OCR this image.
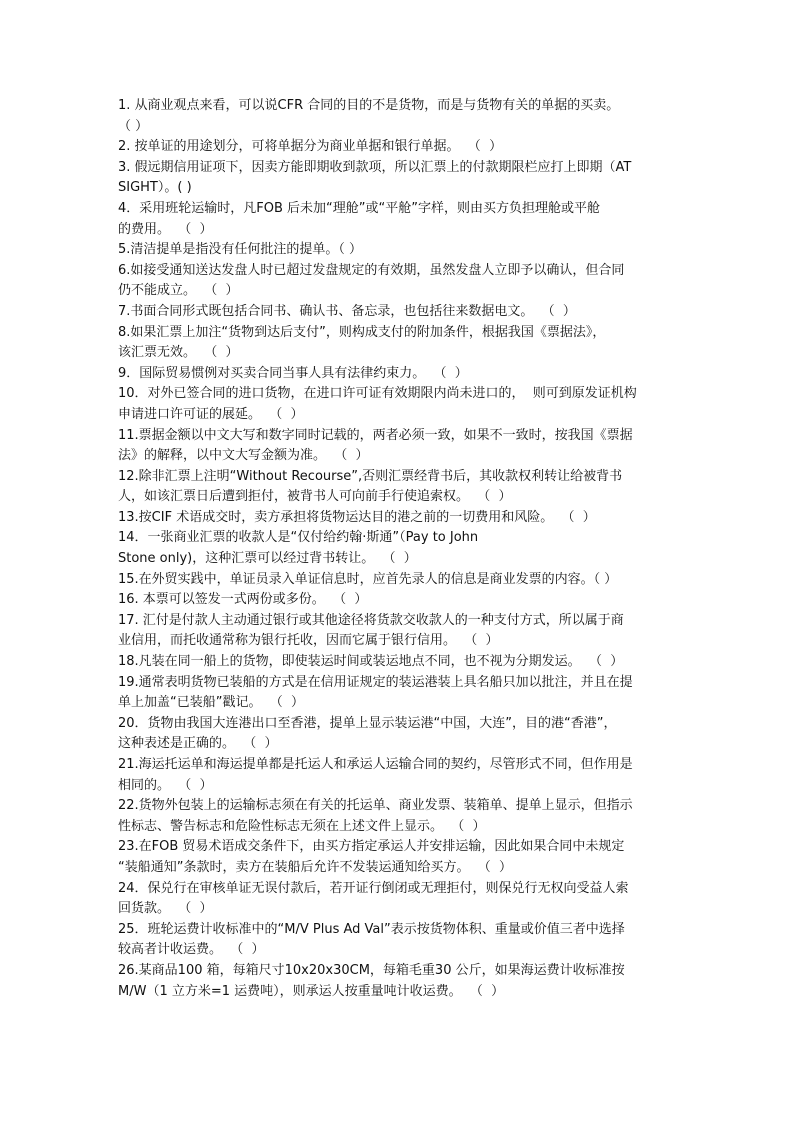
1. 从商业观点来看，可以说CFR 合同的目的不是货物，而是与货物有关的单据的买卖。
（ ）

2. 按单证的用途划分，可将单据分为商业单据和银行单据。  （  ）

3. 假远期信用证项下，因卖方能即期收到款项，所以汇票上的付款期限栏应打上即期（AT
SIGHT）。( )

4．采用班轮运输时，凡FOB 后未加“理舱”或“平舱”字样，则由买方负担理舱或平舱
的费用。  （  ）

5.清洁提单是指没有任何批注的提单。（ ）

6.如接受通知送达发盘人时已超过发盘规定的有效期，虽然发盘人立即予以确认，但合同
仍不能成立。  （  ）

7.书面合同形式既包括合同书、确认书、备忘录，也包括往来数据电文。  （  ）

8.如果汇票上加注“货物到达后支付”，则构成支付的附加条件，根据我国《票据法》，
该汇票无效。  （  ）

9．国际贸易惯例对买卖合同当事人具有法律约束力。  （  ）

10．对外已签合同的进口货物，在进口许可证有效期限内尚未进口的，  则可到原发证机构
申请进口许可证的展延。  （  ）

11.票据金额以中文大写和数字同时记载的，两者必须一致，如果不一致时，按我国《票据
法》的解释，以中文大写金额为准。  （  ）

12.除非汇票上注明“Without Recourse”,否则汇票经背书后，其收款权利转让给被背书
人，如该汇票日后遭到拒付，被背书人可向前手行使追索权。  （  ）

13.按CIF 术语成交时，卖方承担将货物运达目的港之前的一切费用和风险。  （  ）

14．一张商业汇票的收款人是“仅付给约翰·斯通”（Pay to John
Stone only)，这种汇票可以经过背书转让。  （  ）

15.在外贸实践中，单证员录入单证信息时，应首先录人的信息是商业发票的内容。（ ）

16. 本票可以签发一式两份或多份。  （  ）

17. 汇付是付款人主动通过银行或其他途径将货款交收款人的一种支付方式，所以属于商
业信用，而托收通常称为银行托收，因而它属于银行信用。  （  ）

18.凡装在同一船上的货物，即使装运时间或装运地点不同，也不视为分期发运。  （  ）

19.通常表明货物已装船的方式是在信用证规定的装运港装上具名船只加以批注，并且在提
单上加盖“已装船”戳记。  （  ）

20．货物由我国大连港出口至香港，提单上显示装运港“中国，大连”，目的港“香港”，
这种表述是正确的。  （  ）

21.海运托运单和海运提单都是托运人和承运人运输合同的契约，尽管形式不同，但作用是
相同的。  （  ）

22.货物外包装上的运输标志须在有关的托运单、商业发票、装箱单、提单上显示，但指示
性标志、警告标志和危险性标志无须在上述文件上显示。  （  ）

23.在FOB 贸易术语成交条件下，由买方指定承运人并安排运输，因此如果合同中未规定
“装船通知”条款时，卖方在装船后允许不发装运通知给买方。  （  ）

24．保兑行在审核单证无误付款后，若开证行倒闭或无理拒付，则保兑行无权向受益人索
回货款。  （  ）

25．班轮运费计收标准中的“M/V Plus Ad Val”表示按货物体积、重量或价值三者中选择
较高者计收运费。  （  ）

26.某商品100 箱，每箱尺寸10x20x30CM，每箱毛重30 公斤，如果海运费计收标准按
M/W（1 立方米=1 运费吨），则承运人按重量吨计收运费。  （  ）
